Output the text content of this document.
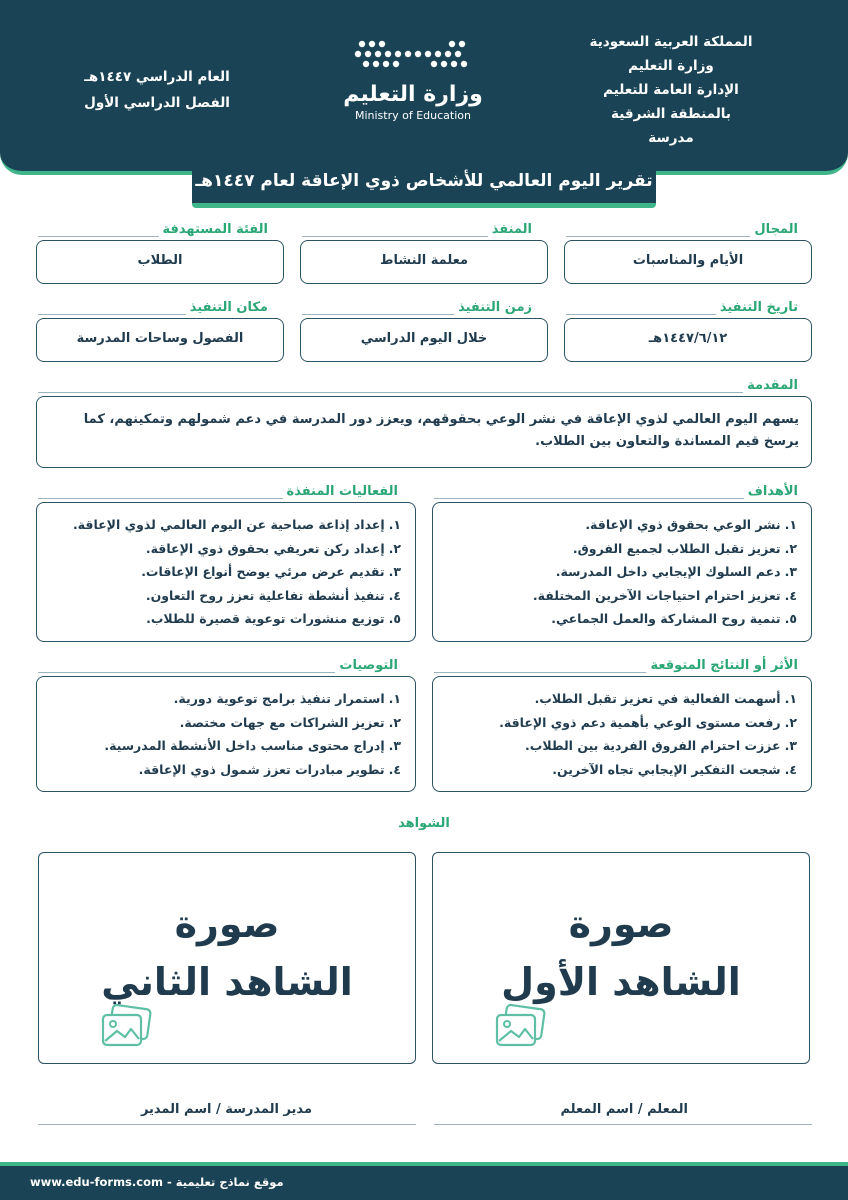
المملكة العربية السعودية
وزارة التعليم
الإدارة العامة للتعليم
بالمنطقة الشرقية
مدرسة
وزارة التعليم
Ministry of Education
العام الدراسي ١٤٤٧هـ
الفصل الدراسي الأول
تقرير اليوم العالمي للأشخاص ذوي الإعاقة لعام ١٤٤٧هـ
المجال
الأيام والمناسبات
المنفذ
معلمة النشاط
الفئة المستهدفة
الطلاب
تاريخ التنفيذ
١٤٤٧/٦/١٢هـ
زمن التنفيذ
خلال اليوم الدراسي
مكان التنفيذ
الفصول وساحات المدرسة
المقدمة
يسهم اليوم العالمي لذوي الإعاقة في نشر الوعي بحقوقهم، ويعزز دور المدرسة في دعم شمولهم وتمكينهم، كما يرسخ قيم المساندة والتعاون بين الطلاب.
الأهداف
١.نشر الوعي بحقوق ذوي الإعاقة.
٢.تعزيز تقبل الطلاب لجميع الفروق.
٣.دعم السلوك الإيجابي داخل المدرسة.
٤.تعزيز احترام احتياجات الآخرين المختلفة.
٥.تنمية روح المشاركة والعمل الجماعي.
الفعاليات المنفذة
١.إعداد إذاعة صباحية عن اليوم العالمي لذوي الإعاقة.
٢.إعداد ركن تعريفي بحقوق ذوي الإعاقة.
٣.تقديم عرض مرئي يوضح أنواع الإعاقات.
٤.تنفيذ أنشطة تفاعلية تعزز روح التعاون.
٥.توزيع منشورات توعوية قصيرة للطلاب.
الأثر أو النتائج المتوقعة
١.أسهمت الفعالية في تعزيز تقبل الطلاب.
٢.رفعت مستوى الوعي بأهمية دعم ذوي الإعاقة.
٣.عززت احترام الفروق الفردية بين الطلاب.
٤.شجعت التفكير الإيجابي تجاه الآخرين.
التوصيات
١.استمرار تنفيذ برامج توعوية دورية.
٢.تعزيز الشراكات مع جهات مختصة.
٣.إدراج محتوى مناسب داخل الأنشطة المدرسية.
٤.تطوير مبادرات تعزز شمول ذوي الإعاقة.
الشواهد
صورة
الشاهد الأول
صورة
الشاهد الثاني
المعلم / اسم المعلم
مدير المدرسة / اسم المدير
موقع نماذج تعليمية - www.edu-forms.com
